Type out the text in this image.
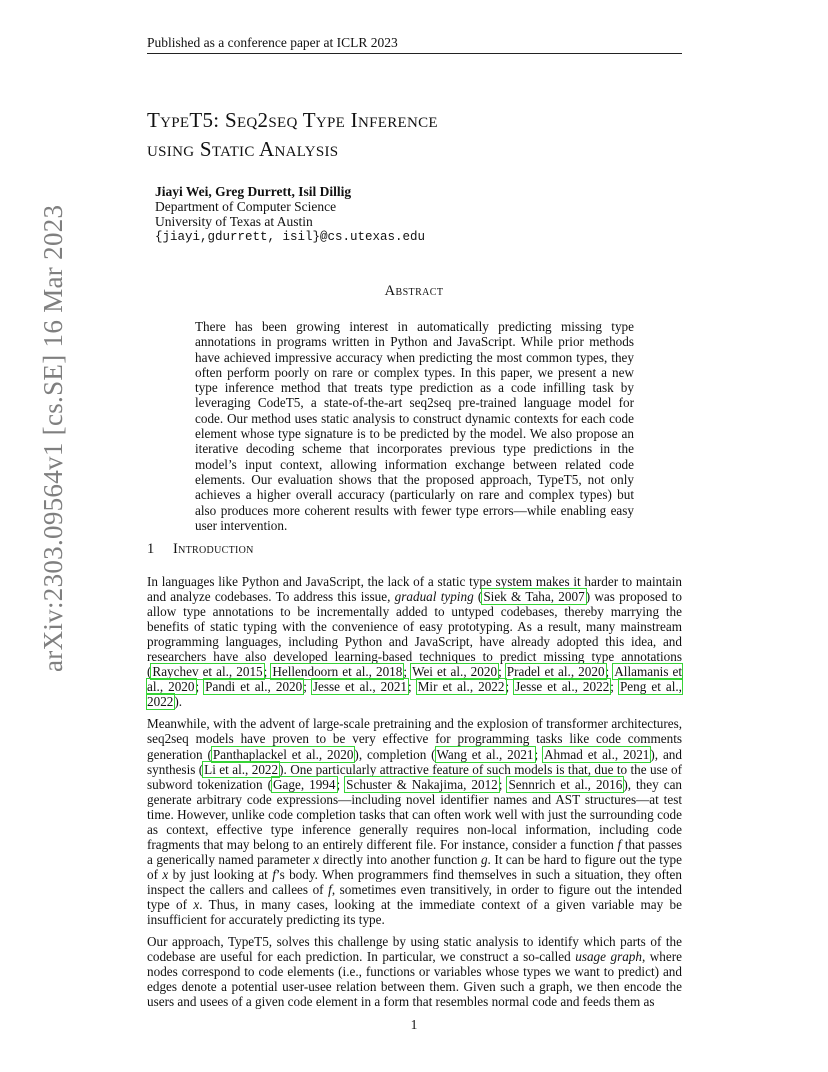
Published as a conference paper at ICLR 2023
arXiv:2303.09564v1 [cs.SE] 16 Mar 2023
TypeT5: Seq2seq Type Inference
using Static Analysis
Jiayi Wei, Greg Durrett, Isil Dillig
Department of Computer Science
University of Texas at Austin
{jiayi,gdurrett, isil}@cs.utexas.edu
Abstract
There has been growing interest in automatically predicting missing type annotations in programs written in Python and JavaScript. While prior methods have achieved impressive accuracy when predicting the most common types, they often perform poorly on rare or complex types. In this paper, we present a new type inference method that treats type prediction as a code infilling task by leveraging CodeT5, a state-of-the-art seq2seq pre-trained language model for code. Our method uses static analysis to construct dynamic contexts for each code element whose type signature is to be predicted by the model. We also propose an iterative decoding scheme that incorporates previous type predictions in the model’s input context, allowing information exchange between related code elements. Our evaluation shows that the proposed approach, TypeT5, not only achieves a higher overall accuracy (particularly on rare and complex types) but also produces more coherent results with fewer type errors—while enabling easy user intervention.
1 Introduction

In languages like Python and JavaScript, the lack of a static type system makes it harder to maintain and analyze codebases. To address this issue, gradual typing (Siek & Taha, 2007) was proposed to allow type annotations to be incrementally added to untyped codebases, thereby marrying the benefits of static typing with the convenience of easy prototyping. As a result, many mainstream programming languages, including Python and JavaScript, have already adopted this idea, and researchers have also developed learning-based techniques to predict missing type annotations (Raychev et al., 2015; Hellendoorn et al., 2018; Wei et al., 2020; Pradel et al., 2020; Allamanis et al., 2020; Pandi et al., 2020; Jesse et al., 2021; Mir et al., 2022; Jesse et al., 2022; Peng et al., 2022).

Meanwhile, with the advent of large-scale pretraining and the explosion of transformer architectures, seq2seq models have proven to be very effective for programming tasks like code comments generation (Panthaplackel et al., 2020), completion (Wang et al., 2021; Ahmad et al., 2021), and synthesis (Li et al., 2022). One particularly attractive feature of such models is that, due to the use of subword tokenization (Gage, 1994; Schuster & Nakajima, 2012; Sennrich et al., 2016), they can generate arbitrary code expressions—including novel identifier names and AST structures—at test time. However, unlike code completion tasks that can often work well with just the surrounding code as context, effective type inference generally requires non-local information, including code fragments that may belong to an entirely different file. For instance, consider a function f that passes a generically named parameter x directly into another function g. It can be hard to figure out the type of x by just looking at f’s body. When programmers find themselves in such a situation, they often inspect the callers and callees of f, sometimes even transitively, in order to figure out the intended type of x. Thus, in many cases, looking at the immediate context of a given variable may be insufficient for accurately predicting its type.

Our approach, TypeT5, solves this challenge by using static analysis to identify which parts of the codebase are useful for each prediction. In particular, we construct a so-called usage graph, where nodes correspond to code elements (i.e., functions or variables whose types we want to predict) and edges denote a potential user-usee relation between them. Given such a graph, we then encode the users and usees of a given code element in a form that resembles normal code and feeds them as

1
